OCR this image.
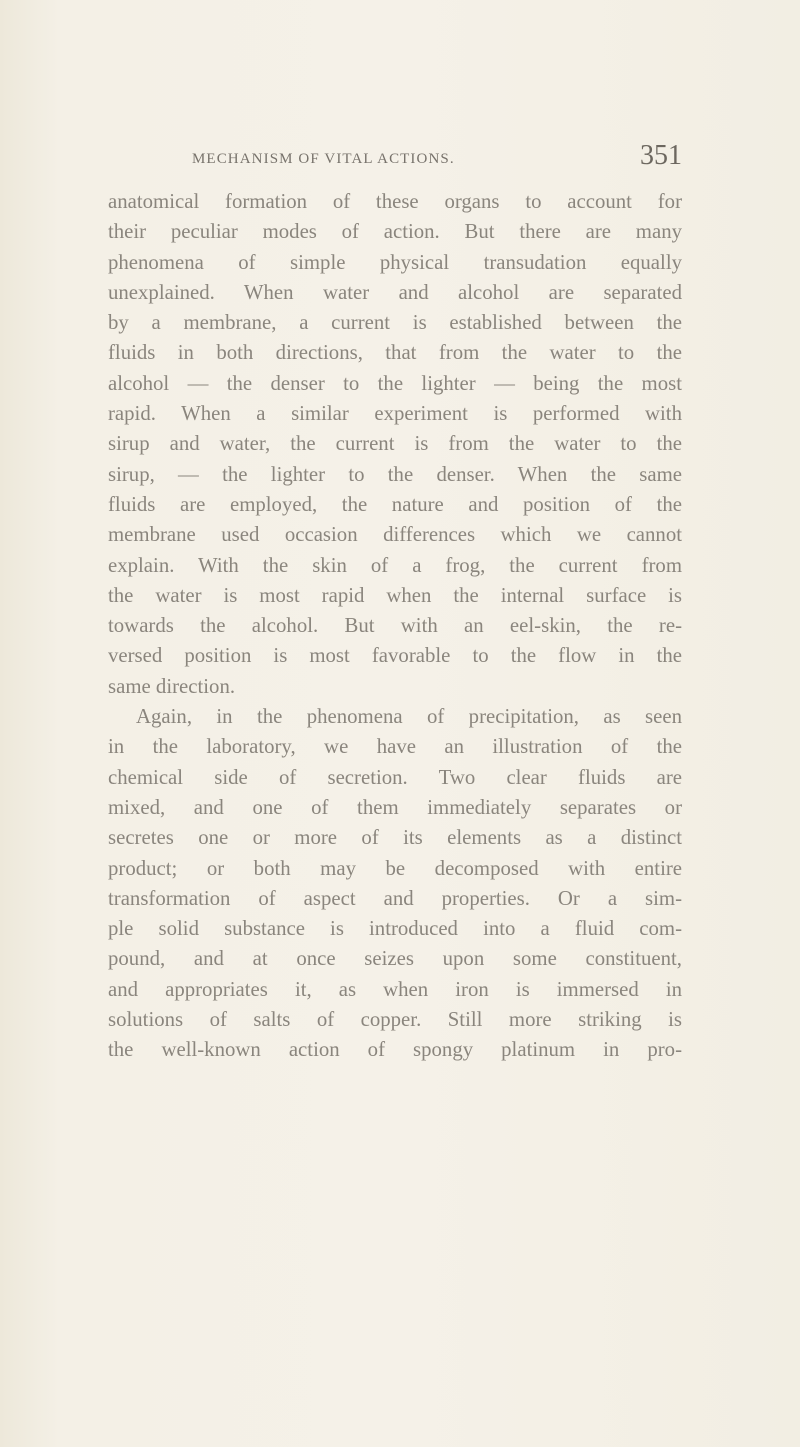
MECHANISM OF VITAL ACTIONS.	351
anatomical formation of these organs to account for
their peculiar modes of action. But there are many
phenomena of simple physical transudation equally
unexplained. When water and alcohol are separated
by a membrane, a current is established between the
fluids in both directions, that from the water to the
alcohol — the denser to the lighter — being the most
rapid. When a similar experiment is performed with
sirup and water, the current is from the water to the
sirup, — the lighter to the denser. When the same
fluids are employed, the nature and position of the
membrane used occasion differences which we cannot
explain. With the skin of a frog, the current from
the water is most rapid when the internal surface is
towards the alcohol. But with an eel-skin, the re-
versed position is most favorable to the flow in the
same direction.
Again, in the phenomena of precipitation, as seen
in the laboratory, we have an illustration of the
chemical side of secretion. Two clear fluids are
mixed, and one of them immediately separates or
secretes one or more of its elements as a distinct
product; or both may be decomposed with entire
transformation of aspect and properties. Or a sim-
ple solid substance is introduced into a fluid com-
pound, and at once seizes upon some constituent,
and appropriates it, as when iron is immersed in
solutions of salts of copper. Still more striking is
the well-known action of spongy platinum in pro-
